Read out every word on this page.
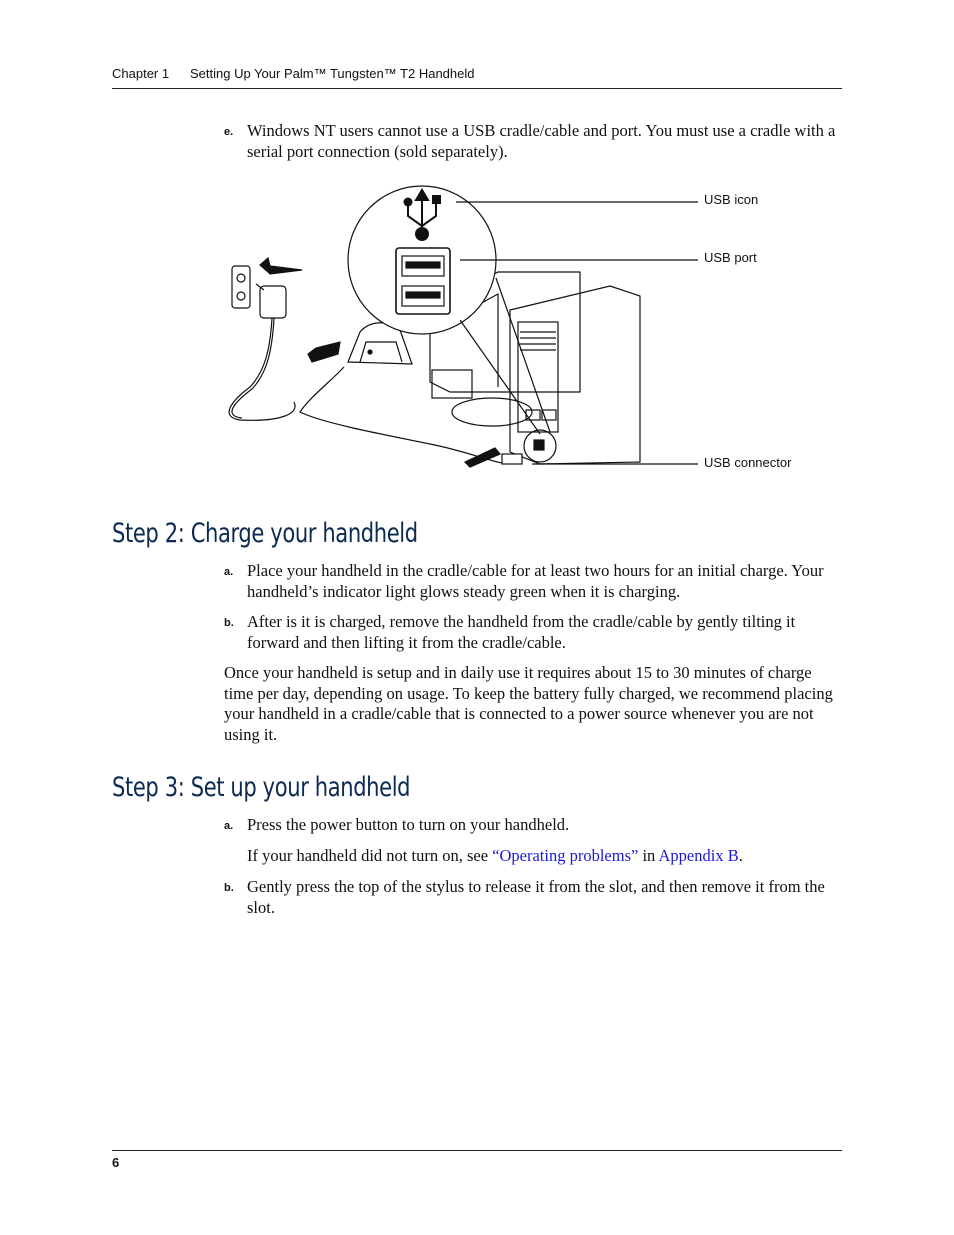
Chapter 1 Setting Up Your Palm™ Tungsten™ T2 Handheld
e. Windows NT users cannot use a USB cradle/cable and port. You must use a cradle with a serial port connection (sold separately).
USB icon
USB port
USB connector
Step 2: Charge your handheld
a. Place your handheld in the cradle/cable for at least two hours for an initial charge. Your handheld’s indicator light glows steady green when it is charging.
b. After is it is charged, remove the handheld from the cradle/cable by gently tilting it forward and then lifting it from the cradle/cable.
Once your handheld is setup and in daily use it requires about 15 to 30 minutes of charge time per day, depending on usage. To keep the battery fully charged, we recommend placing your handheld in a cradle/cable that is connected to a power source whenever you are not using it.
Step 3: Set up your handheld
a. Press the power button to turn on your handheld.
If your handheld did not turn on, see “Operating problems” in Appendix B.
b. Gently press the top of the stylus to release it from the slot, and then remove it from the slot.
6
